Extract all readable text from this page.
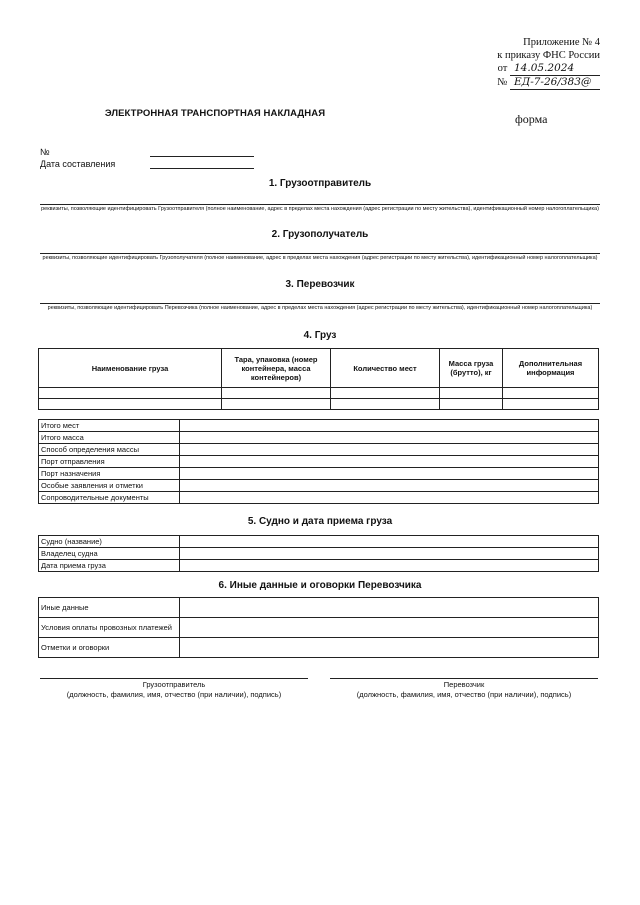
Приложение № 4
к приказу ФНС России
от 14.05.2024
№ ЕД-7-26/383@
ЭЛЕКТРОННАЯ ТРАНСПОРТНАЯ НАКЛАДНАЯ	форма
№
Дата составления
1. Грузоотправитель
реквизиты, позволяющие идентифицировать Грузоотправителя (полное наименование, адрес в пределах места нахождения (адрес регистрации по месту жительства), идентификационный номер налогоплательщика)
2. Грузополучатель
реквизиты, позволяющие идентифицировать Грузополучателя (полное наименование, адрес в пределах места нахождения (адрес регистрации по месту жительства), идентификационный номер налогоплательщика)
3. Перевозчик
реквизиты, позволяющие идентифицировать Перевозчика (полное наименование, адрес в пределах места нахождения (адрес регистрации по месту жительства), идентификационный номер налогоплательщика)
4. Груз
Наименование груза	Тара, упаковка (номер контейнера, масса контейнеров)	Количество мест	Масса груза (брутто), кг	Дополнительная информация

Итого мест	
Итого масса	
Способ определения массы	
Порт отправления	
Порт назначения	
Особые заявления и отметки	
Сопроводительные документы	
5. Судно и дата приема груза
Судно (название)	
Владелец судна	
Дата приема груза	
6. Иные данные и оговорки Перевозчика
Иные данные	
Условия оплаты провозных платежей	
Отметки и оговорки	
Грузоотправитель
(должность, фамилия, имя, отчество (при наличии), подпись)
Перевозчик
(должность, фамилия, имя, отчество (при наличии), подпись)
